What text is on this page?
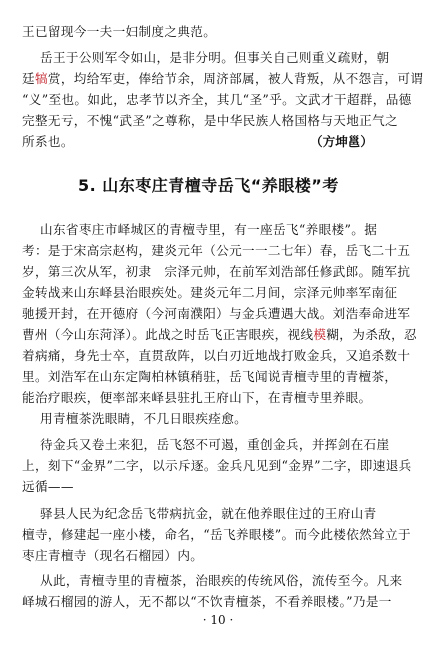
王已留现今一夫一妇制度之典范。
岳王于公则军令如山，是非分明。但事关自己则重义疏财，朝
廷犒赏，均给军吏，俸给节余，周济部属，被人背叛，从不怨言，可谓
“义”至也。如此，忠孝节以齐全，其几“圣”乎。文武才干超群，品德
完整无亏，不愧“武圣”之尊称，是中华民族人格国格与天地正气之
所系也。	（方坤邕）
5. 山东枣庄青檀寺岳飞“养眼楼”考
山东省枣庄市峄城区的青檀寺里，有一座岳飞“养眼楼”。据
考：是于宋高宗赵构，建炎元年（公元一一二七年）春，岳飞二十五
岁，第三次从军，初隶　宗泽元帅，在前军刘浩部任修武郎。随军抗
金转战来山东峄县治眼疾处。建炎元年二月间，宗泽元帅率军南征
驰援开封，在开德府（今河南濮阳）与金兵遭遇大战。刘浩奉命进军
曹州（今山东菏泽）。此战之时岳飞正害眼疾，视线模糊，为杀敌，忍
着病痛，身先士卒，直贯敌阵，以白刃近地战打败金兵，又追杀数十
里。刘浩军在山东定陶柏林镇稍驻，岳飞闻说青檀寺里的青檀茶，
能治疗眼疾，便率部来峄县驻扎王府山下，在青檀寺里养眼。
用青檀茶洗眼睛，不几日眼疾痊愈。
待金兵又卷土来犯，岳飞怒不可遏，重创金兵，并挥剑在石崖
上，刻下“金界”二字，以示斥逐。金兵凡见到“金界”二字，即速退兵
远循——
驿县人民为纪念岳飞带病抗金，就在他养眼住过的王府山青
檀寺，修建起一座小楼，命名，“岳飞养眼楼”。而今此楼依然耸立于
枣庄青檀寺（现名石榴园）内。
从此，青檀寺里的青檀茶，治眼疾的传统风俗，流传至今。凡来
峄城石榴园的游人，无不都以“不饮青檀茶，不看养眼楼。”乃是一
· 10 ·
